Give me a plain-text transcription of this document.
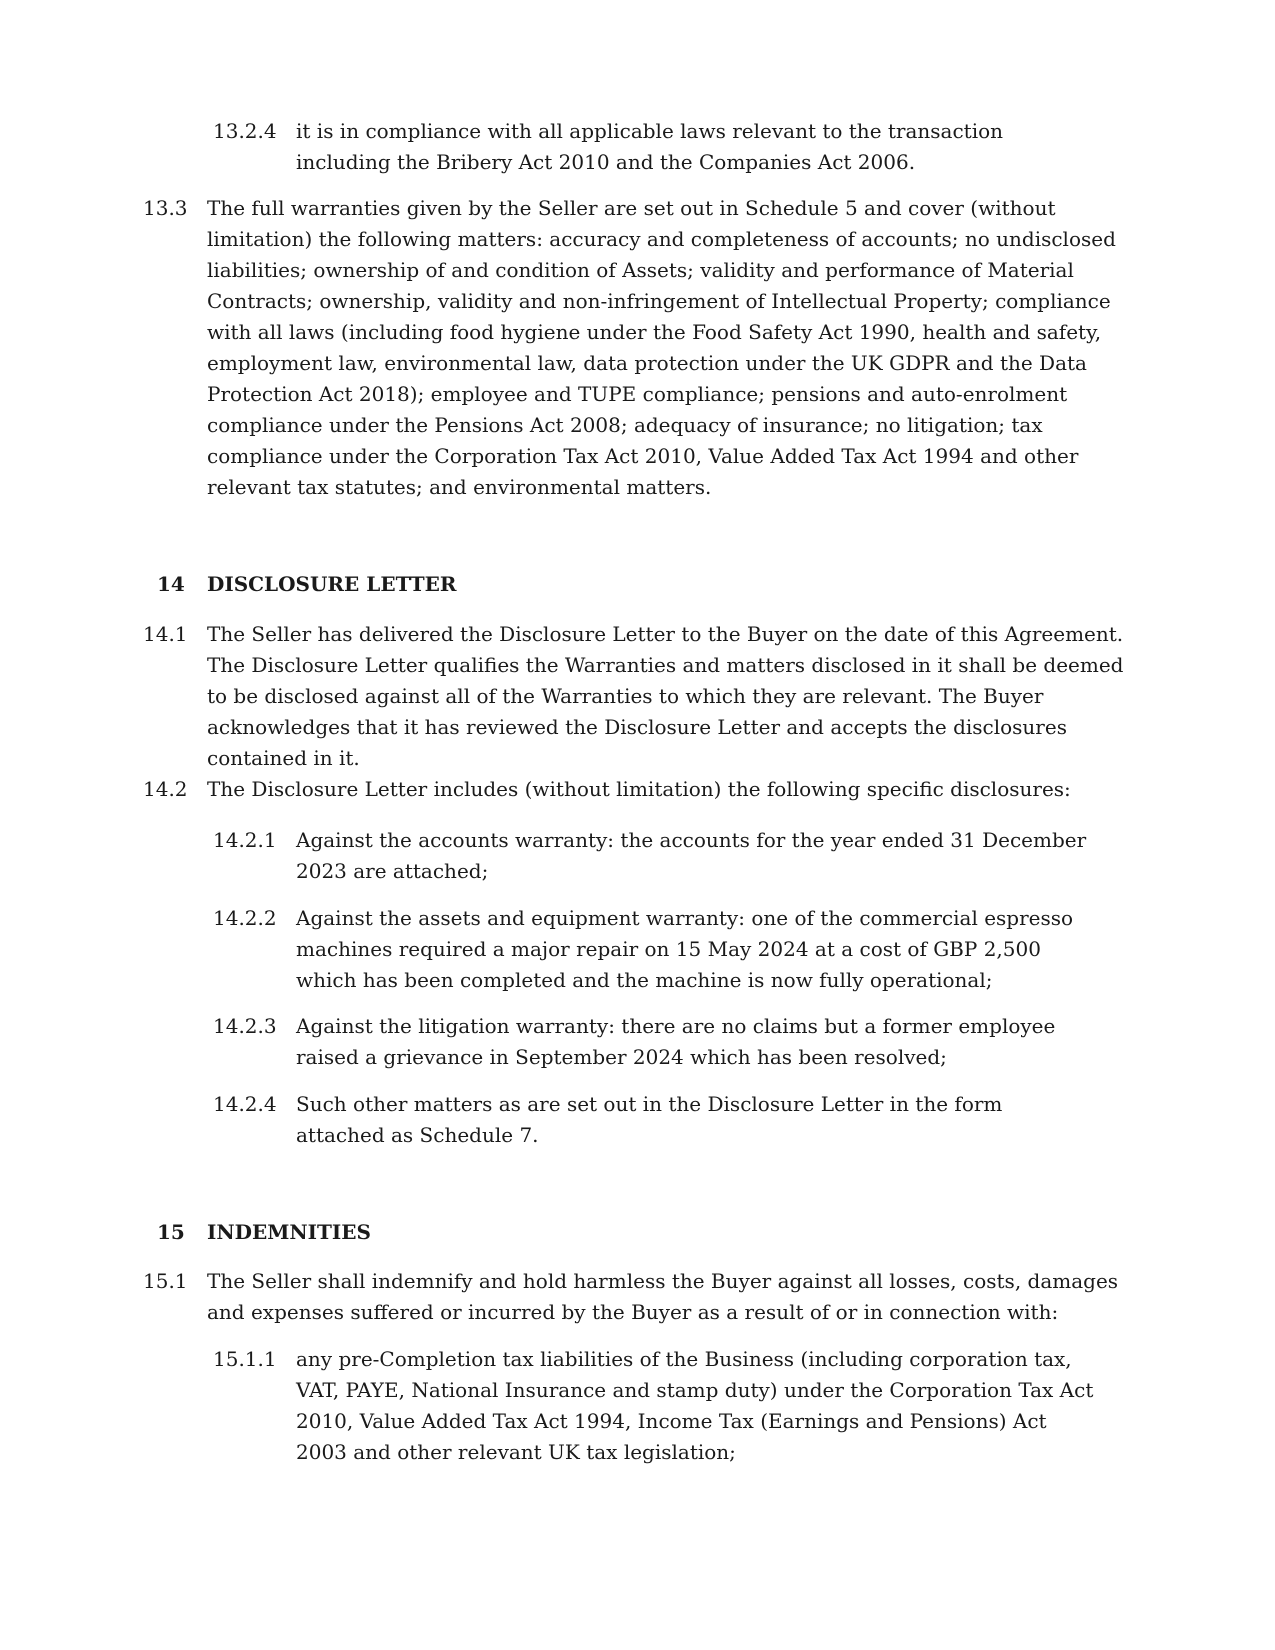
13.2.4 it is in compliance with all applicable laws relevant to the transaction including the Bribery Act 2010 and the Companies Act 2006.
13.3 The full warranties given by the Seller are set out in Schedule 5 and cover (without limitation) the following matters: accuracy and completeness of accounts; no undisclosed liabilities; ownership of and condition of Assets; validity and performance of Material Contracts; ownership, validity and non-infringement of Intellectual Property; compliance with all laws (including food hygiene under the Food Safety Act 1990, health and safety, employment law, environmental law, data protection under the UK GDPR and the Data Protection Act 2018); employee and TUPE compliance; pensions and auto-enrolment compliance under the Pensions Act 2008; adequacy of insurance; no litigation; tax compliance under the Corporation Tax Act 2010, Value Added Tax Act 1994 and other relevant tax statutes; and environmental matters.
14 DISCLOSURE LETTER
14.1 The Seller has delivered the Disclosure Letter to the Buyer on the date of this Agreement. The Disclosure Letter qualifies the Warranties and matters disclosed in it shall be deemed to be disclosed against all of the Warranties to which they are relevant. The Buyer acknowledges that it has reviewed the Disclosure Letter and accepts the disclosures contained in it.
14.2 The Disclosure Letter includes (without limitation) the following specific disclosures:
14.2.1 Against the accounts warranty: the accounts for the year ended 31 December 2023 are attached;
14.2.2 Against the assets and equipment warranty: one of the commercial espresso machines required a major repair on 15 May 2024 at a cost of GBP 2,500 which has been completed and the machine is now fully operational;
14.2.3 Against the litigation warranty: there are no claims but a former employee raised a grievance in September 2024 which has been resolved;
14.2.4 Such other matters as are set out in the Disclosure Letter in the form attached as Schedule 7.
15 INDEMNITIES
15.1 The Seller shall indemnify and hold harmless the Buyer against all losses, costs, damages and expenses suffered or incurred by the Buyer as a result of or in connection with:
15.1.1 any pre-Completion tax liabilities of the Business (including corporation tax, VAT, PAYE, National Insurance and stamp duty) under the Corporation Tax Act 2010, Value Added Tax Act 1994, Income Tax (Earnings and Pensions) Act 2003 and other relevant UK tax legislation;
